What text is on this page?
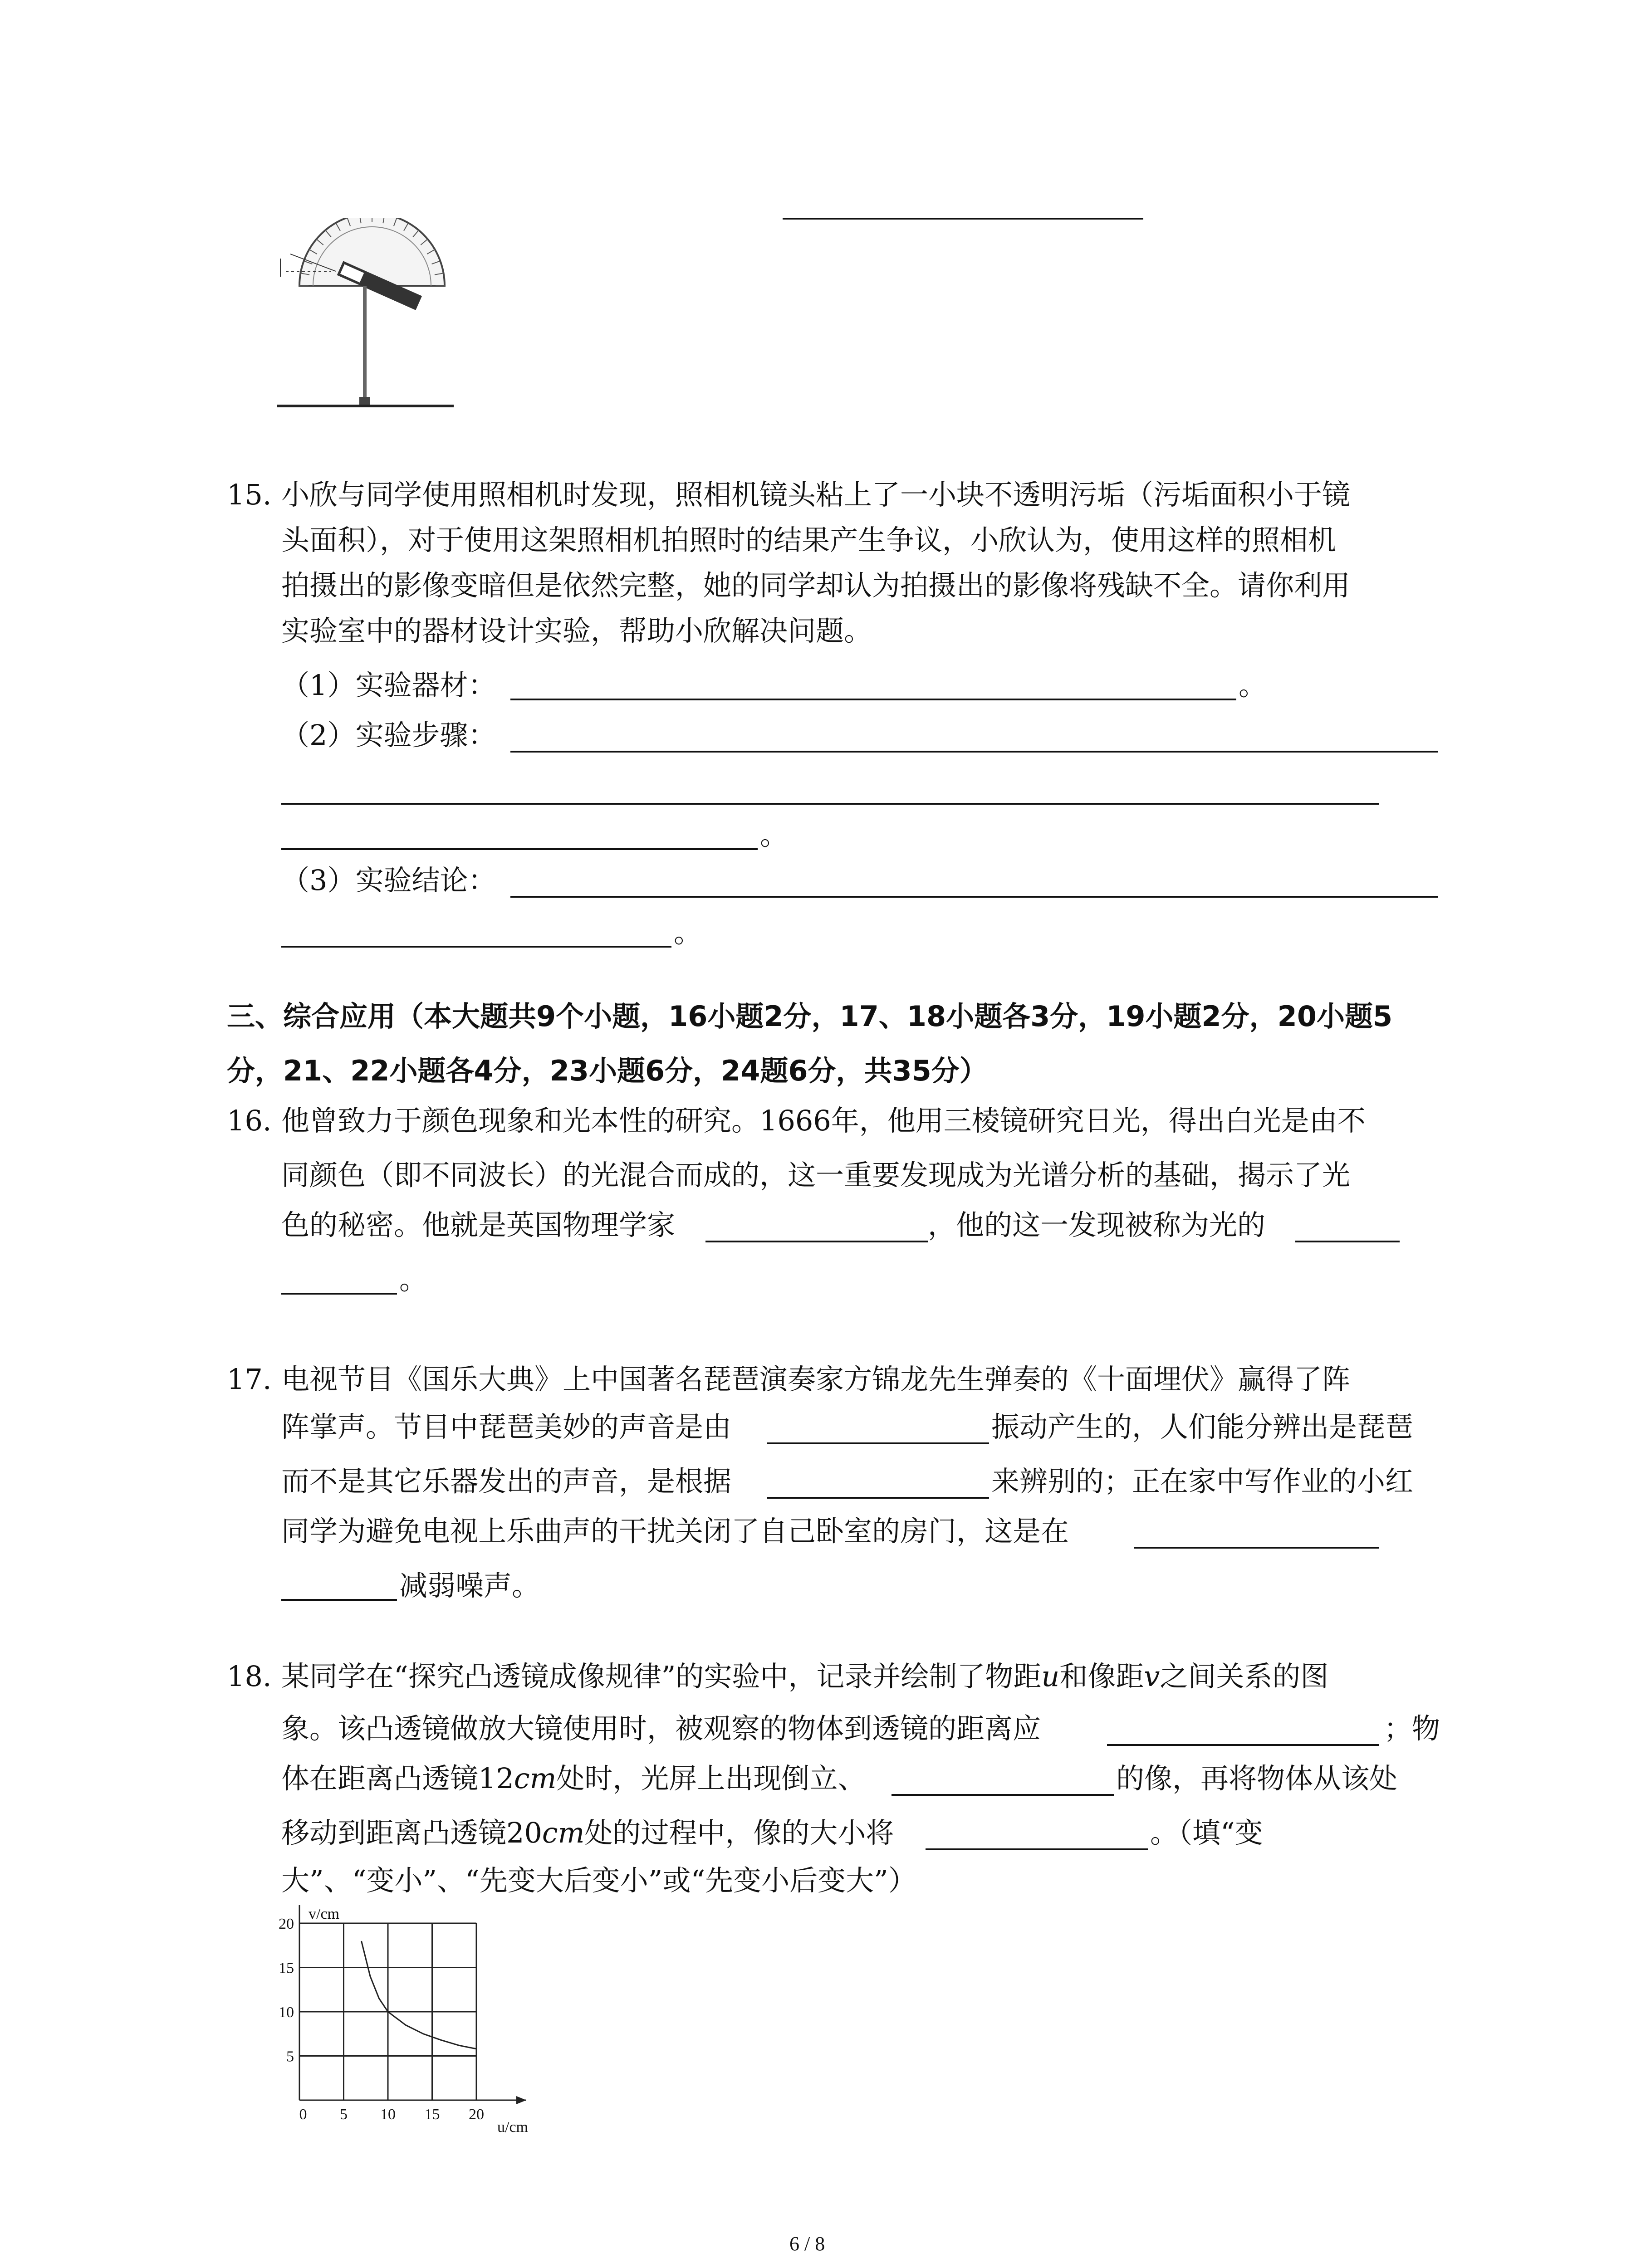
15. 小欣与同学使用照相机时发现，照相机镜头粘上了一小块不透明污垢（污垢面积小于镜
头面积），对于使用这架照相机拍照时的结果产生争议，小欣认为，使用这样的照相机
拍摄出的影像变暗但是依然完整，她的同学却认为拍摄出的影像将残缺不全。请你利用
实验室中的器材设计实验，帮助小欣解决问题。
（1）实验器材：	。
（2）实验步骤：
。
（3）实验结论：
。
三、综合应用（本大题共9个小题，16小题2分，17、18小题各3分，19小题2分，20小题5
分，21、22小题各4分，23小题6分，24题6分，共35分）
16. 他曾致力于颜色现象和光本性的研究。1666年，他用三棱镜研究日光，得出白光是由不
同颜色（即不同波长）的光混合而成的，这一重要发现成为光谱分析的基础，揭示了光
色的秘密。他就是英国物理学家	，他的这一发现被称为光的
。
17. 电视节目《国乐大典》上中国著名琵琶演奏家方锦龙先生弹奏的《十面埋伏》赢得了阵
阵掌声。节目中琵琶美妙的声音是由	振动产生的，人们能分辨出是琵琶
而不是其它乐器发出的声音，是根据	来辨别的；正在家中写作业的小红
同学为避免电视上乐曲声的干扰关闭了自己卧室的房门，这是在
减弱噪声。
18. 某同学在“探究凸透镜成像规律”的实验中，记录并绘制了物距u和像距v之间关系的图
象。该凸透镜做放大镜使用时，被观察的物体到透镜的距离应	；物
体在距离凸透镜12cm处时，光屏上出现倒立、	的像，再将物体从该处
移动到距离凸透镜20cm处的过程中，像的大小将	。（填“变
大”、“变小”、“先变大后变小”或“先变小后变大”）
0 5 10 15 20
5
10
15
20
u/cm
v/cm
6 / 8
